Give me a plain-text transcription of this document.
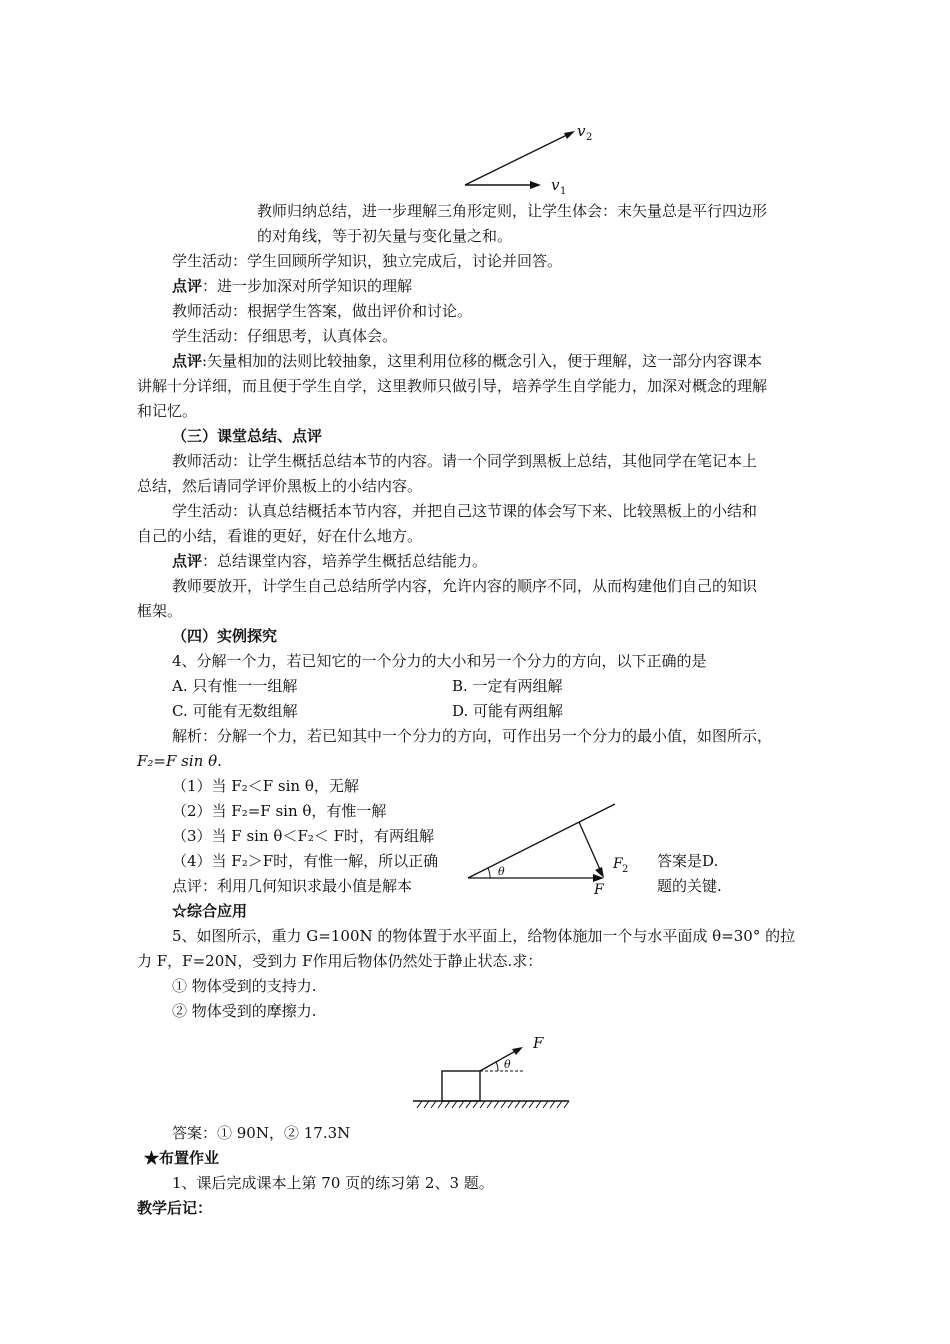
v 2
v 1
教师归纳总结，进一步理解三角形定则，让学生体会：末矢量总是平行四边形
的对角线，等于初矢量与变化量之和。
学生活动：学生回顾所学知识，独立完成后，讨论并回答。
点评：进一步加深对所学知识的理解
教师活动：根据学生答案，做出评价和讨论。
学生活动：仔细思考，认真体会。
点评:矢量相加的法则比较抽象，这里利用位移的概念引入，便于理解，这一部分内容课本
讲解十分详细，而且便于学生自学，这里教师只做引导，培养学生自学能力，加深对概念的理解
和记忆。
（三）课堂总结、点评
教师活动：让学生概括总结本节的内容。请一个同学到黑板上总结，其他同学在笔记本上
总结，然后请同学评价黑板上的小结内容。
学生活动：认真总结概括本节内容，并把自己这节课的体会写下来、比较黑板上的小结和
自己的小结，看谁的更好，好在什么地方。
点评：总结课堂内容，培养学生概括总结能力。
教师要放开，计学生自己总结所学内容，允许内容的顺序不同，从而构建他们自己的知识
框架。
（四）实例探究
4、分解一个力，若已知它的一个分力的大小和另一个分力的方向，以下正确的是
A. 只有惟一一组解	B. 一定有两组解
C. 可能有无数组解	D. 可能有两组解
解析：分解一个力，若已知其中一个分力的方向，可作出另一个分力的最小值，如图所示，
F₂=F sin θ.
（1）当 F₂＜F sin θ，无解
（2）当 F₂=F sin θ，有惟一解
（3）当 F sin θ＜F₂＜ F时，有两组解
（4）当 F₂＞F时，有惟一解，所以正确	答案是D.
点评：利用几何知识求最小值是解本	题的关键.
θ	F 2
F
☆综合应用
5、如图所示，重力 G=100N 的物体置于水平面上，给物体施加一个与水平面成 θ=30° 的拉
力 F，F=20N，受到力 F作用后物体仍然处于静止状态.求：
① 物体受到的支持力.
② 物体受到的摩擦力.
θ
F
答案：① 90N，② 17.3N
★布置作业
1、课后完成课本上第 70 页的练习第 2、3 题。
教学后记：
